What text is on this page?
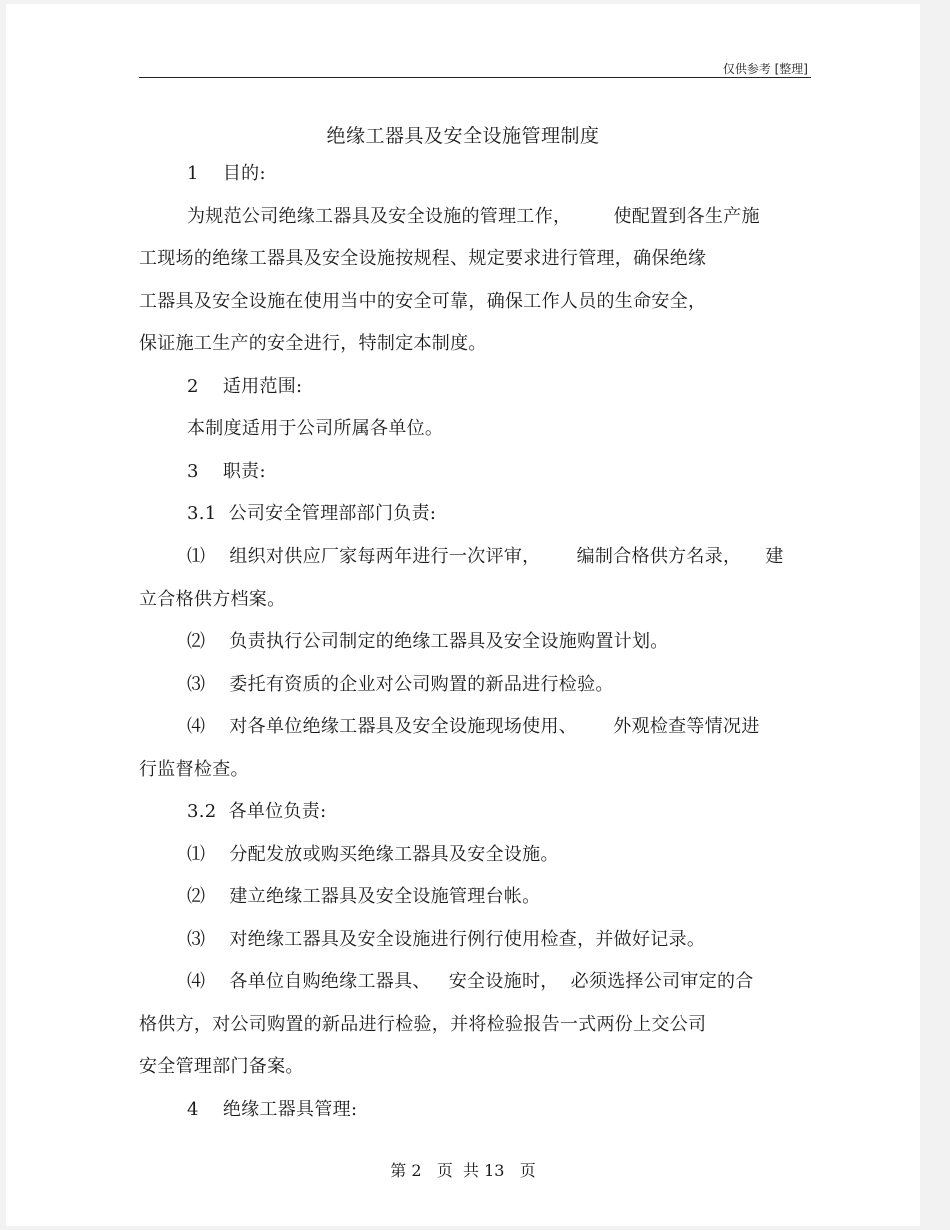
仅供参考 [整理]
绝缘工器具及安全设施管理制度
1    目的:
为规范公司绝缘工器具及安全设施的管理工作，       使配置到各生产施
工现场的绝缘工器具及安全设施按规程、规定要求进行管理，确保绝缘
工器具及安全设施在使用当中的安全可靠，确保工作人员的生命安全，
保证施工生产的安全进行，特制定本制度。
2    适用范围:
本制度适用于公司所属各单位。
3    职责:
3.1  公司安全管理部部门负责:
⑴    组织对供应厂家每两年进行一次评审，      编制合格供方名录，    建
立合格供方档案。
⑵    负责执行公司制定的绝缘工器具及安全设施购置计划。
⑶    委托有资质的企业对公司购置的新品进行检验。
⑷    对各单位绝缘工器具及安全设施现场使用、      外观检查等情况进
行监督检查。
3.2  各单位负责:
⑴    分配发放或购买绝缘工器具及安全设施。
⑵    建立绝缘工器具及安全设施管理台帐。
⑶    对绝缘工器具及安全设施进行例行使用检查，并做好记录。
⑷    各单位自购绝缘工器具、   安全设施时，  必须选择公司审定的合
格供方，对公司购置的新品进行检验，并将检验报告一式两份上交公司
安全管理部门备案。
4    绝缘工器具管理:
第 2   页  共 13   页
